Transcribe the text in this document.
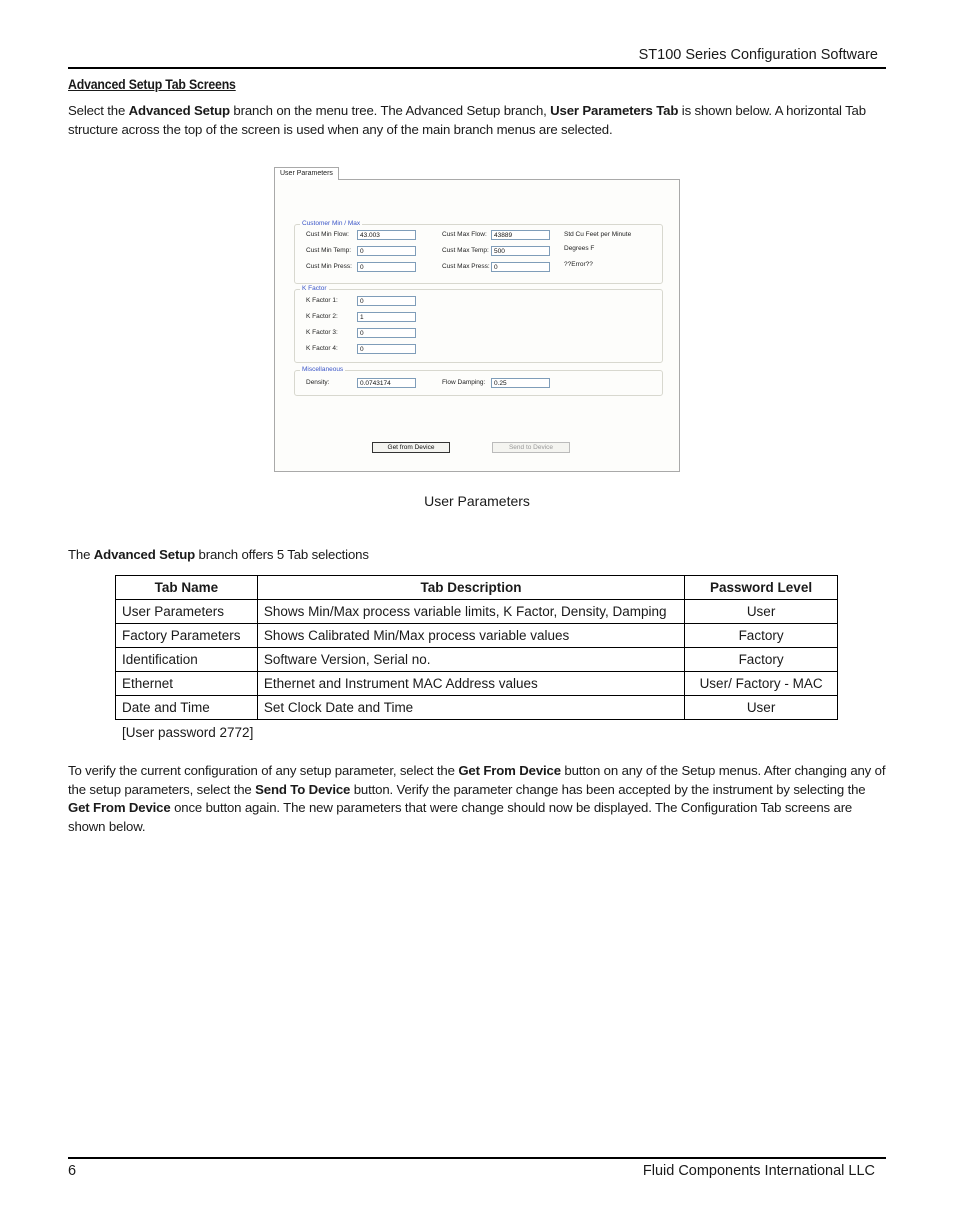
ST100 Series Configuration Software
Advanced Setup Tab Screens
Select the Advanced Setup branch on the menu tree. The Advanced Setup branch, User Parameters Tab is shown below. A horizontal Tab structure across the top of the screen is used when any of the main branch menus are selected.
User Parameters
Customer Min / Max
Cust Min Flow:	43.003	Cust Max Flow:	43889	Std Cu Feet per Minute
Cust Min Temp:	0	Cust Max Temp: 500	Degrees F
Cust Min Press:	0	Cust Max Press: 0	??Error??
K Factor
K Factor 1:	0
K Factor 2:	1
K Factor 3:	0
K Factor 4:	0
Miscellaneous
Density:	0.0743174	Flow Damping:	0.25
Get from Device	Send to Device
User Parameters
The Advanced Setup branch offers 5 Tab selections
Tab Name	Tab Description	Password Level
User Parameters	Shows Min/Max process variable limits, K Factor, Density, Damping	User
Factory Parameters	Shows Calibrated Min/Max process variable values	Factory
Identification	Software Version, Serial no.	Factory
Ethernet	Ethernet and Instrument MAC Address values	User/ Factory - MAC
Date and Time	Set Clock Date and Time	User
[User password 2772]
To verify the current configuration of any setup parameter, select the Get From Device button on any of the Setup menus. After changing any of the setup parameters, select the Send To Device button. Verify the parameter change has been accepted by the instrument by selecting the Get From Device once button again. The new parameters that were change should now be displayed. The Configuration Tab screens are shown below.
6	Fluid Components International LLC
